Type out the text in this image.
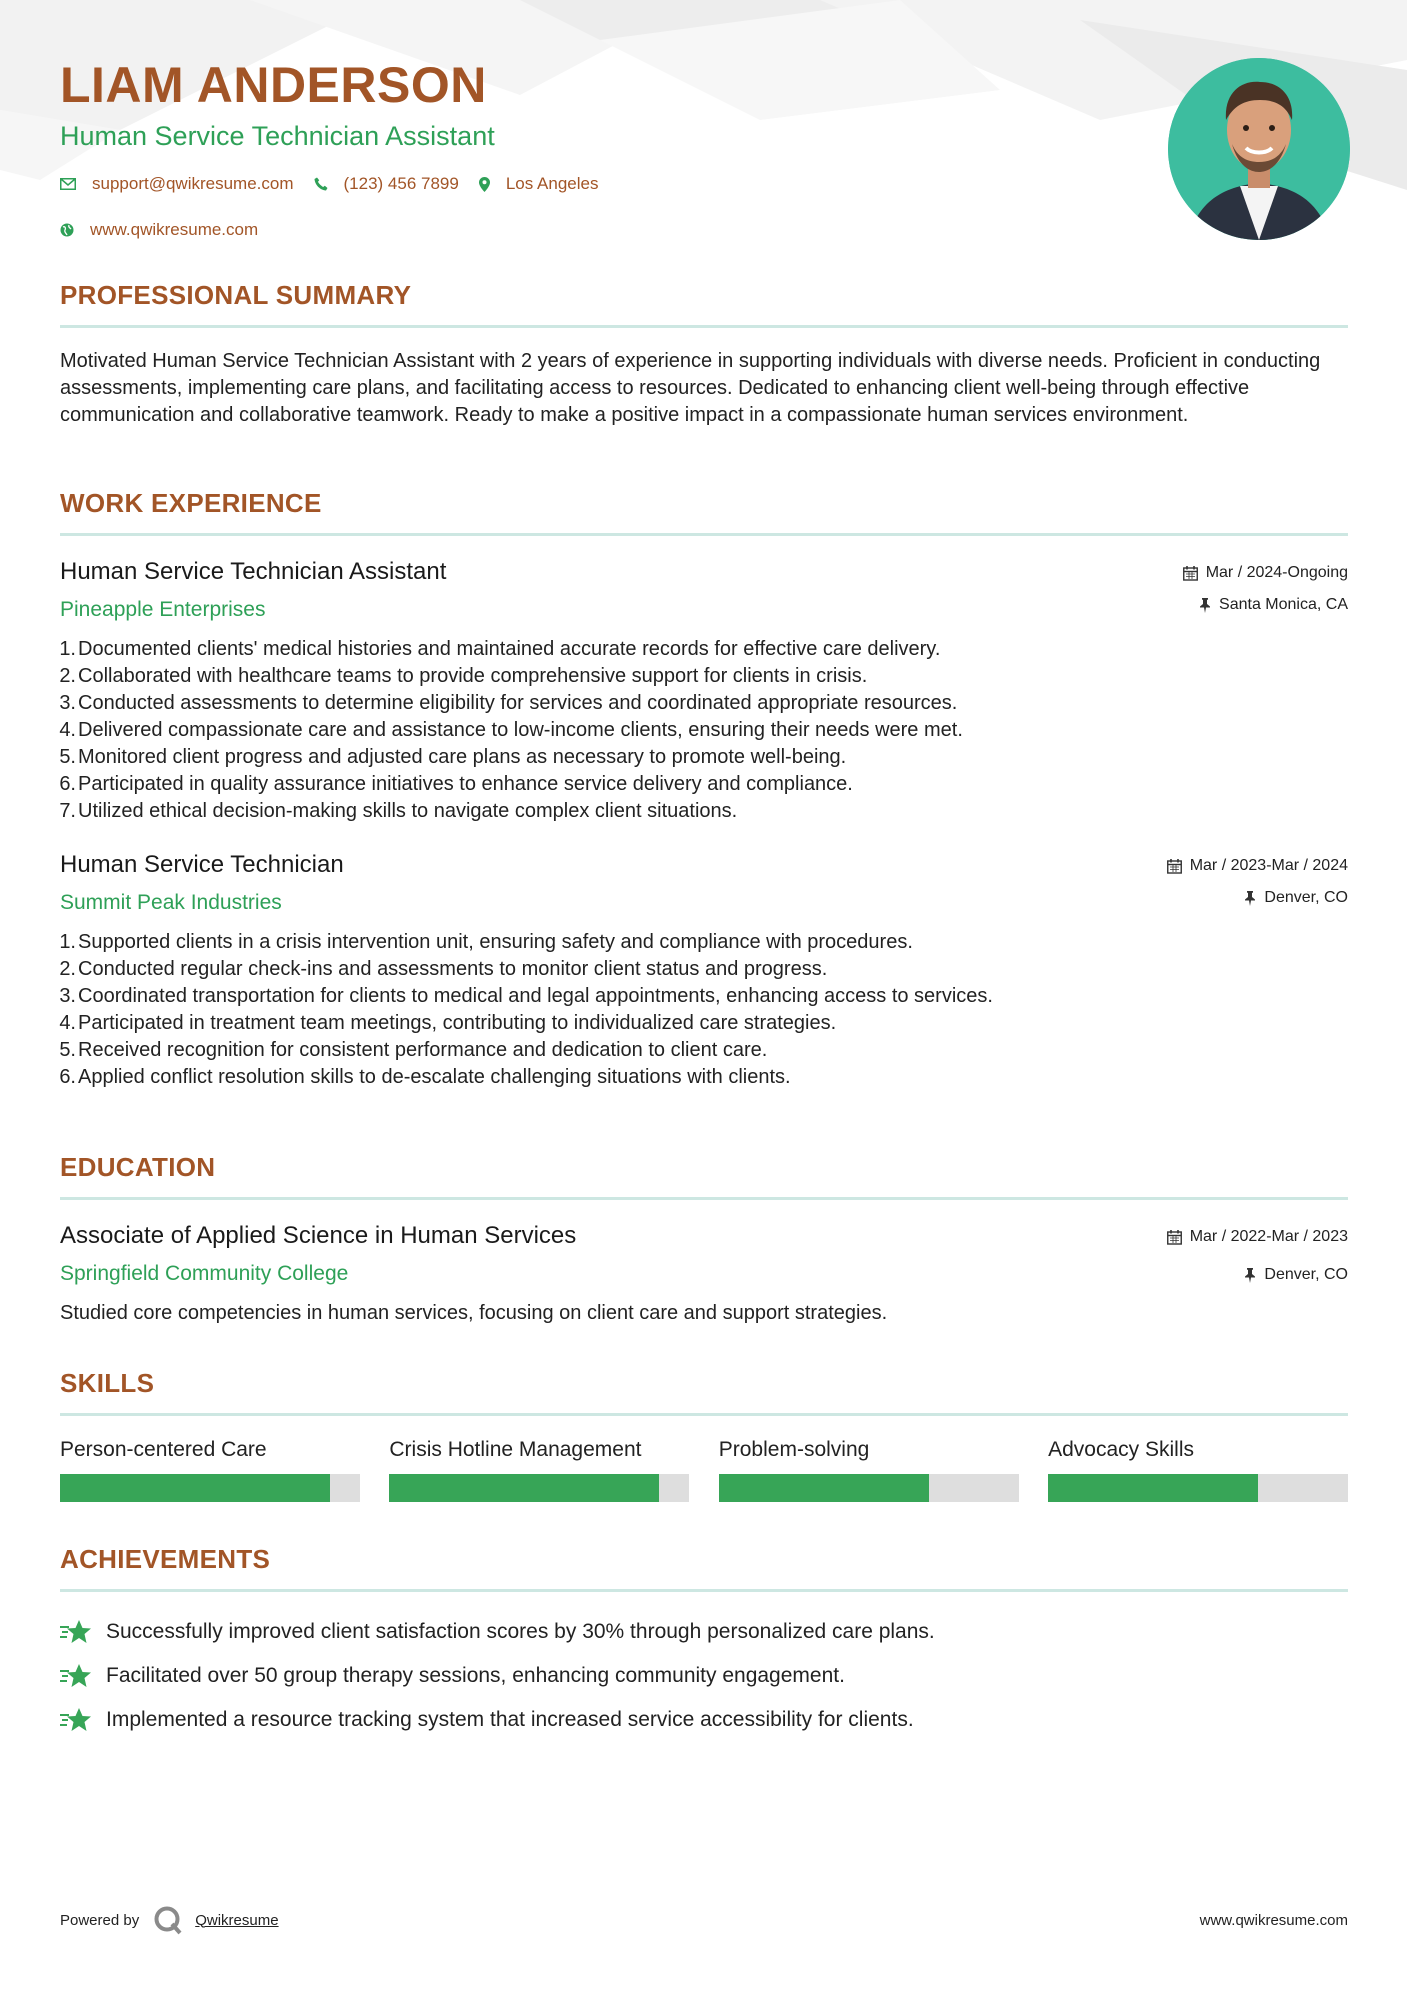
LIAM ANDERSON
Human Service Technician Assistant
support@qwikresume.com	(123) 456 7899	Los Angeles
www.qwikresume.com
PROFESSIONAL SUMMARY
Motivated Human Service Technician Assistant with 2 years of experience in supporting individuals with diverse needs. Proficient in conducting assessments, implementing care plans, and facilitating access to resources. Dedicated to enhancing client well-being through effective communication and collaborative teamwork. Ready to make a positive impact in a compassionate human services environment.
WORK EXPERIENCE
Human Service Technician Assistant
Pineapple Enterprises
Mar / 2024-Ongoing
Santa Monica, CA
1. Documented clients' medical histories and maintained accurate records for effective care delivery.
2. Collaborated with healthcare teams to provide comprehensive support for clients in crisis.
3. Conducted assessments to determine eligibility for services and coordinated appropriate resources.
4. Delivered compassionate care and assistance to low-income clients, ensuring their needs were met.
5. Monitored client progress and adjusted care plans as necessary to promote well-being.
6. Participated in quality assurance initiatives to enhance service delivery and compliance.
7. Utilized ethical decision-making skills to navigate complex client situations.
Human Service Technician
Summit Peak Industries
Mar / 2023-Mar / 2024
Denver, CO
1. Supported clients in a crisis intervention unit, ensuring safety and compliance with procedures.
2. Conducted regular check-ins and assessments to monitor client status and progress.
3. Coordinated transportation for clients to medical and legal appointments, enhancing access to services.
4. Participated in treatment team meetings, contributing to individualized care strategies.
5. Received recognition for consistent performance and dedication to client care.
6. Applied conflict resolution skills to de-escalate challenging situations with clients.
EDUCATION
Associate of Applied Science in Human Services
Springfield Community College
Mar / 2022-Mar / 2023
Denver, CO
Studied core competencies in human services, focusing on client care and support strategies.
SKILLS
Person-centered Care	Crisis Hotline Management	Problem-solving	Advocacy Skills
ACHIEVEMENTS
Successfully improved client satisfaction scores by 30% through personalized care plans.
Facilitated over 50 group therapy sessions, enhancing community engagement.
Implemented a resource tracking system that increased service accessibility for clients.
Powered by	Qwikresume	www.qwikresume.com
